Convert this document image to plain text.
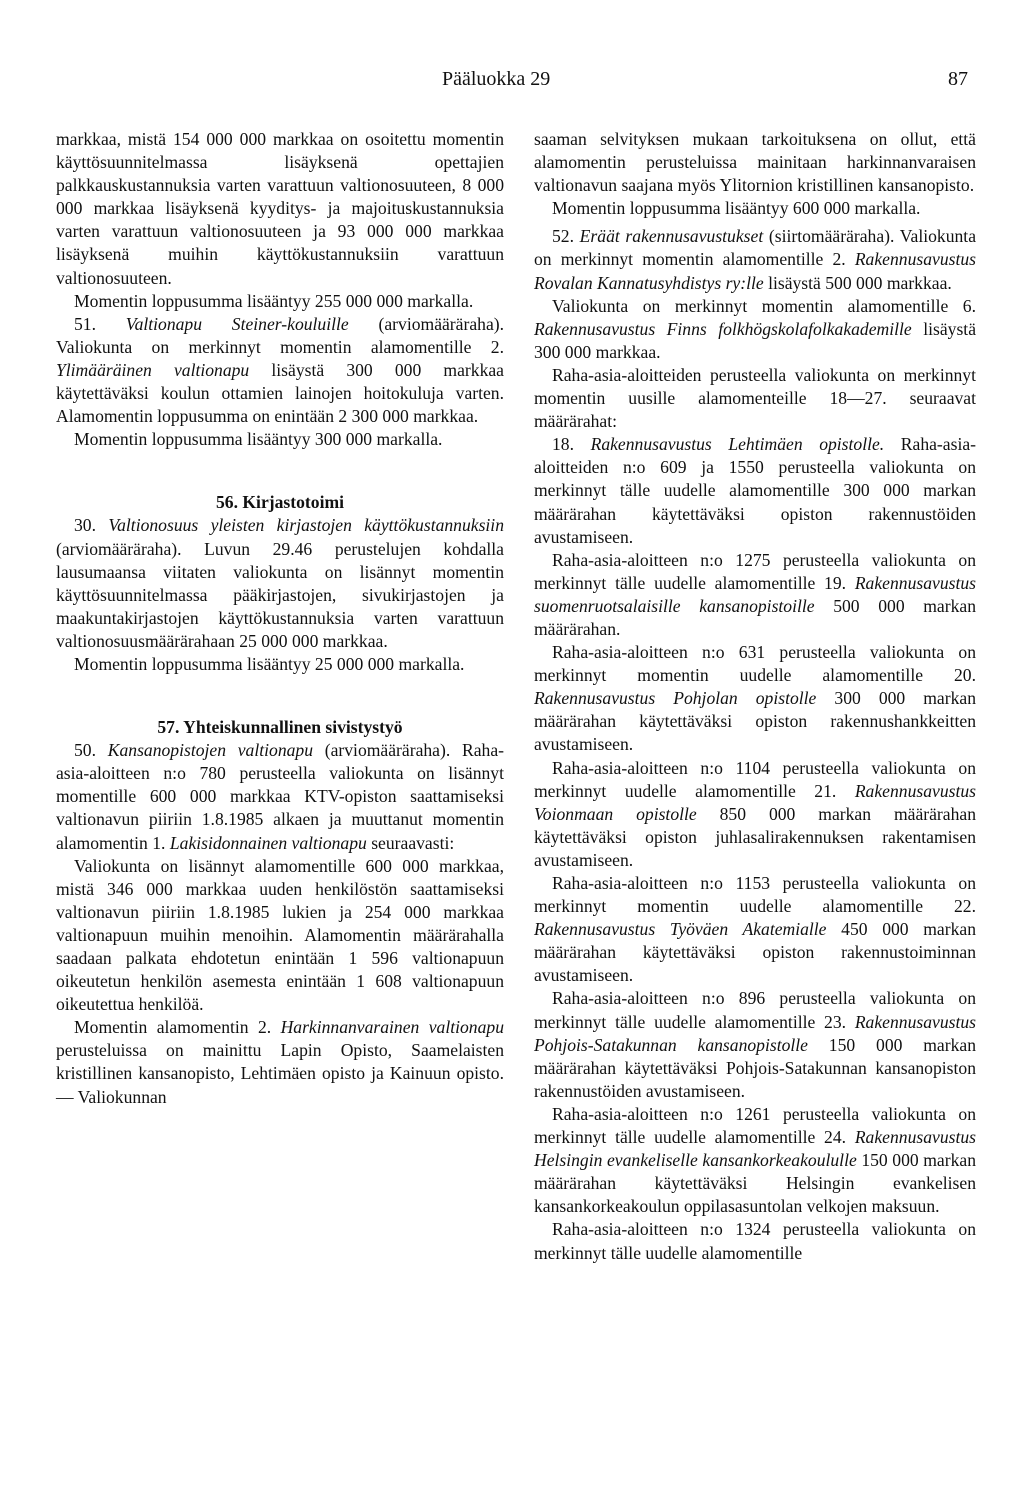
Pääluokka 29	87

markkaa, mistä 154 000 000 markkaa on osoitettu momentin käyttösuunnitelmassa lisäyksenä opettajien palkkauskustannuksia varten varattuun valtionosuuteen, 8 000 000 markkaa lisäyksenä kyyditys- ja majoituskustannuksia varten varattuun valtionosuuteen ja 93 000 000 markkaa lisäyksenä muihin käyttökustannuksiin varattuun valtionosuuteen.

Momentin loppusumma lisääntyy 255 000 000 markalla.

51. Valtionapu Steiner-kouluille (arviomääräraha). Valiokunta on merkinnyt momentin alamomentille 2. Ylimääräinen valtionapu lisäystä 300 000 markkaa käytettäväksi koulun ottamien lainojen hoitokuluja varten. Alamomentin loppusumma on enintään 2 300 000 markkaa.

Momentin loppusumma lisääntyy 300 000 markalla.

56. Kirjastotoimi

30. Valtionosuus yleisten kirjastojen käyttökustannuksiin (arviomääräraha). Luvun 29.46 perustelujen kohdalla lausumaansa viitaten valiokunta on lisännyt momentin käyttösuunnitelmassa pääkirjastojen, sivukirjastojen ja maakuntakirjastojen käyttökustannuksia varten varattuun valtionosuusmäärärahaan 25 000 000 markkaa.

Momentin loppusumma lisääntyy 25 000 000 markalla.

57. Yhteiskunnallinen sivistystyö

50. Kansanopistojen valtionapu (arviomääräraha). Raha-asia-aloitteen n:o 780 perusteella valiokunta on lisännyt momentille 600 000 markkaa KTV-opiston saattamiseksi valtionavun piiriin 1.8.1985 alkaen ja muuttanut momentin alamomentin 1. Lakisidonnainen valtionapu seuraavasti:

Valiokunta on lisännyt alamomentille 600 000 markkaa, mistä 346 000 markkaa uuden henkilöstön saattamiseksi valtionavun piiriin 1.8.1985 lukien ja 254 000 markkaa valtionapuun muihin menoihin. Alamomentin määrärahalla saadaan palkata ehdotetun enintään 1 596 valtionapuun oikeutetun henkilön asemesta enintään 1 608 valtionapuun oikeutettua henkilöä.

Momentin alamomentin 2. Harkinnanvarainen valtionapu perusteluissa on mainittu Lapin Opisto, Saamelaisten kristillinen kansanopisto, Lehtimäen opisto ja Kainuun opisto. — Valiokunnan

saaman selvityksen mukaan tarkoituksena on ollut, että alamomentin perusteluissa mainitaan harkinnanvaraisen valtionavun saajana myös Ylitornion kristillinen kansanopisto.

Momentin loppusumma lisääntyy 600 000 markalla.

52. Eräät rakennusavustukset (siirtomääräraha). Valiokunta on merkinnyt momentin alamomentille 2. Rakennusavustus Rovalan Kannatusyhdistys ry:lle lisäystä 500 000 markkaa.

Valiokunta on merkinnyt momentin alamomentille 6. Rakennusavustus Finns folkhögskolafolkakademille lisäystä 300 000 markkaa.

Raha-asia-aloitteiden perusteella valiokunta on merkinnyt momentin uusille alamomenteille 18—27. seuraavat määrärahat:

18. Rakennusavustus Lehtimäen opistolle. Raha-asia-aloitteiden n:o 609 ja 1550 perusteella valiokunta on merkinnyt tälle uudelle alamomentille 300 000 markan määrärahan käytettäväksi opiston rakennustöiden avustamiseen.

Raha-asia-aloitteen n:o 1275 perusteella valiokunta on merkinnyt tälle uudelle alamomentille 19. Rakennusavustus suomenruotsalaisille kansanopistoille 500 000 markan määrärahan.

Raha-asia-aloitteen n:o 631 perusteella valiokunta on merkinnyt momentin uudelle alamomentille 20. Rakennusavustus Pohjolan opistolle 300 000 markan määrärahan käytettäväksi opiston rakennushankkeitten avustamiseen.

Raha-asia-aloitteen n:o 1104 perusteella valiokunta on merkinnyt uudelle alamomentille 21. Rakennusavustus Voionmaan opistolle 850 000 markan määrärahan käytettäväksi opiston juhlasalirakennuksen rakentamisen avustamiseen.

Raha-asia-aloitteen n:o 1153 perusteella valiokunta on merkinnyt momentin uudelle alamomentille 22. Rakennusavustus Työväen Akatemialle 450 000 markan määrärahan käytettäväksi opiston rakennustoiminnan avustamiseen.

Raha-asia-aloitteen n:o 896 perusteella valiokunta on merkinnyt tälle uudelle alamomentille 23. Rakennusavustus Pohjois-Satakunnan kansanopistolle 150 000 markan määrärahan käytettäväksi Pohjois-Satakunnan kansanopiston rakennustöiden avustamiseen.

Raha-asia-aloitteen n:o 1261 perusteella valiokunta on merkinnyt tälle uudelle alamomentille 24. Rakennusavustus Helsingin evankeliselle kansankorkeakoululle 150 000 markan määrärahan käytettäväksi Helsingin evankelisen kansankorkeakoulun oppilasasuntolan velkojen maksuun.

Raha-asia-aloitteen n:o 1324 perusteella valiokunta on merkinnyt tälle uudelle alamomentille
